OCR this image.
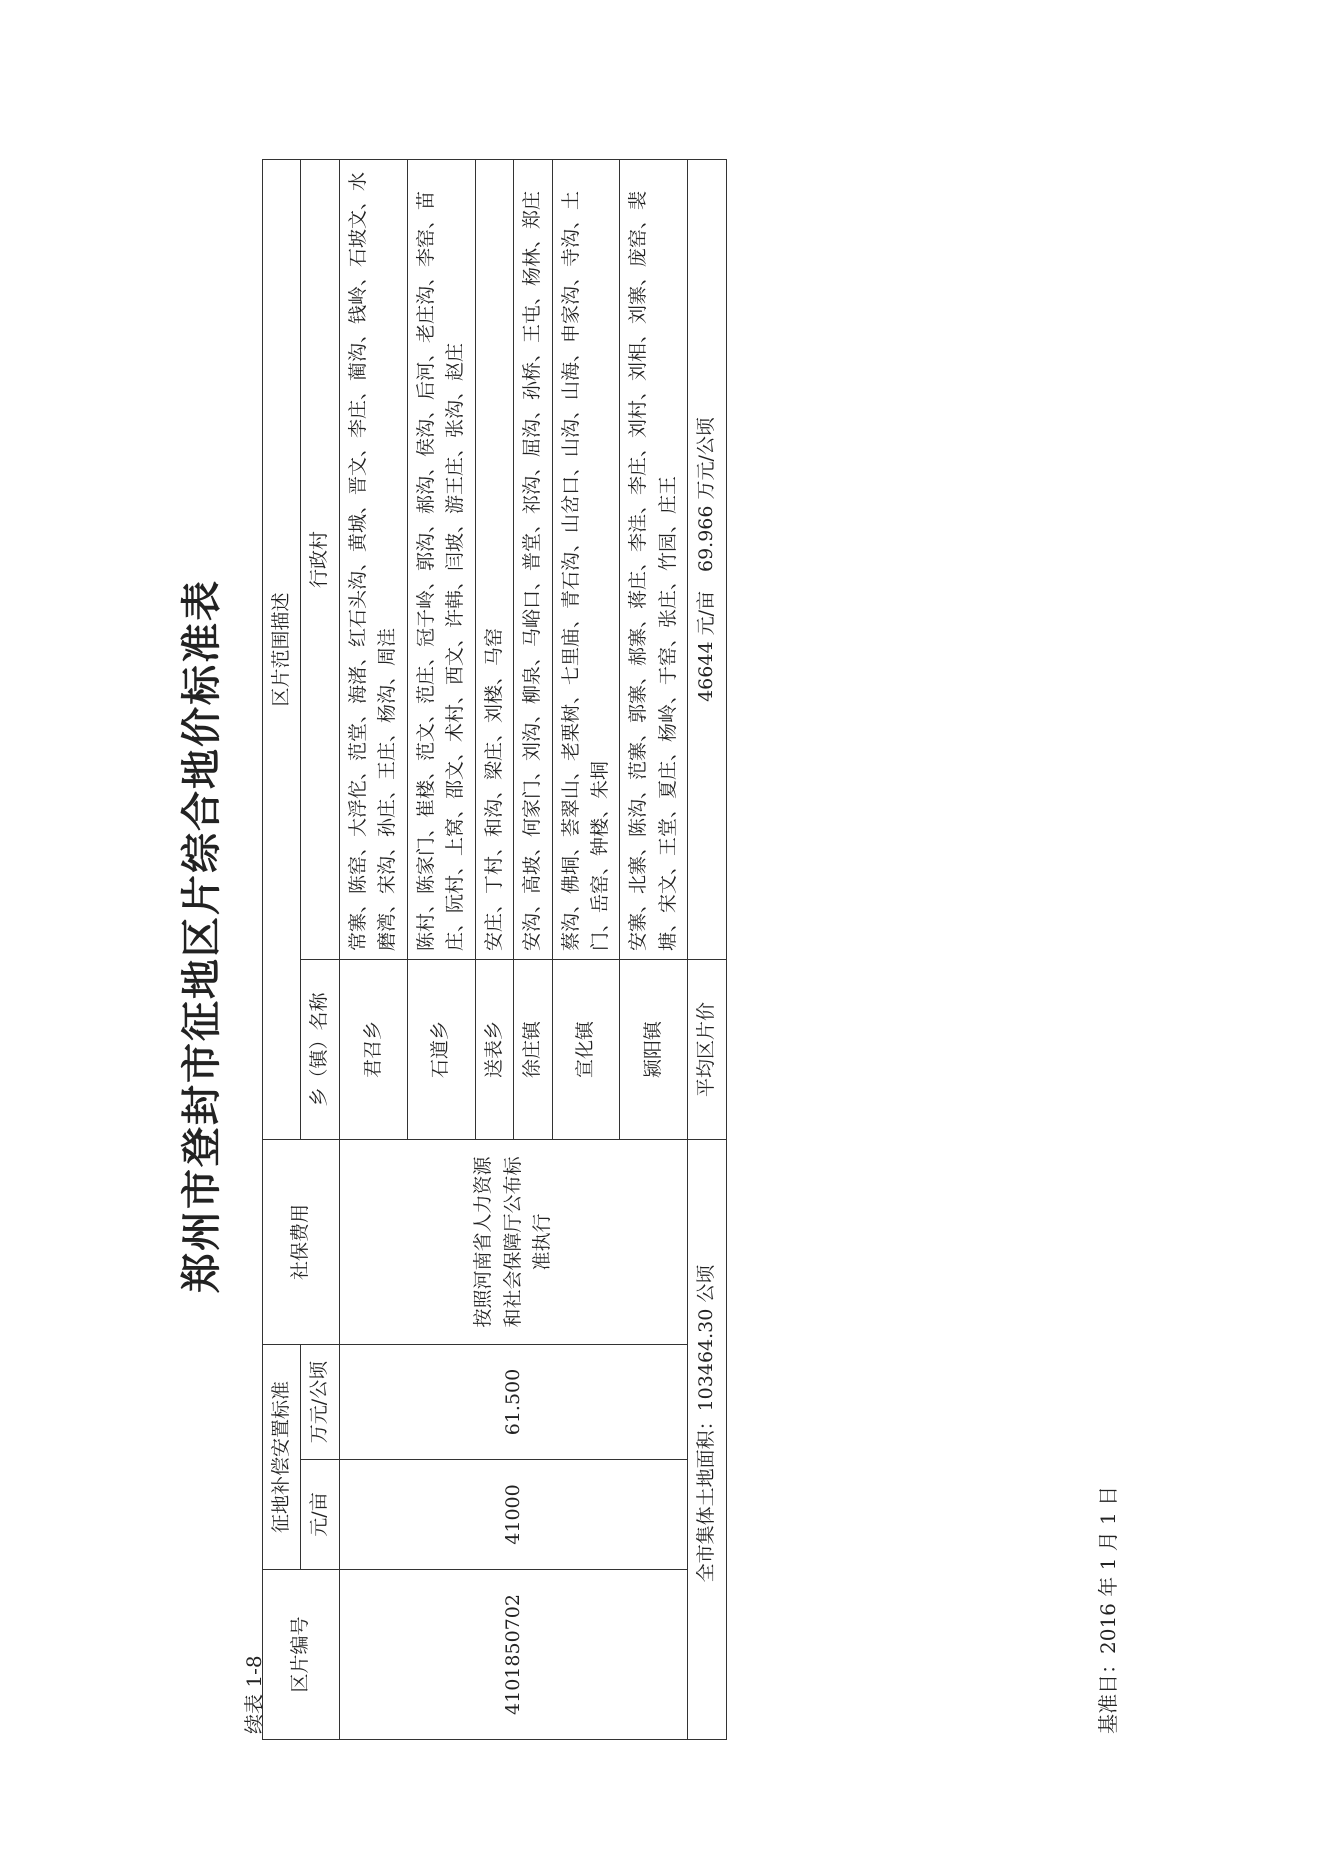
郑州市登封市征地区片综合地价标准表
续表 1-8
区片编号	征地补偿安置标准		社保费用	区片范围描述	
	元/亩	万元/公顷		乡（镇）名称	行政村
4101850702	41000	61.500	按照河南省人力资源和社会保障厅公布标准执行	君召乡	常寨、陈窑、大浮佗、范堂、海渚、红石头沟、黄城、晋文、李庄、蔺沟、钱岭、石坡文、水磨湾、宋沟、孙庄、王庄、杨沟、周洼
				石道乡	陈村、陈家门、崔楼、范文、范庄、冠子岭、郭沟、郝沟、侯沟、后河、老庄沟、李窑、苗庄、阮村、上窝、邵文、术村、西文、许韩、闫坡、游王庄、张沟、赵庄
				送表乡	安庄、丁村、和沟、梁庄、刘楼、马窑
				徐庄镇	安沟、高坡、何家门、刘沟、柳泉、马峪口、普堂、祁沟、屈沟、孙桥、王屯、杨林、郑庄
				宣化镇	蔡沟、佛垌、荟翠山、老栗树、七里庙、青石沟、山岔口、山沟、山海、申家沟、寺沟、土门、岳窑、钟楼、朱垌
				颍阳镇	安寨、北寨、陈沟、范寨、郭寨、郝寨、蒋庄、李洼、李庄、刘村、刘相、刘寨、庞窑、裴塘、宋文、王堂、夏庄、杨岭、于窑、张庄、竹园、庄王
全市集体土地面积：103464.30 公顷				平均区片价	46644 元/亩　69.966 万元/公顷
基准日：2016 年 1 月 1 日
